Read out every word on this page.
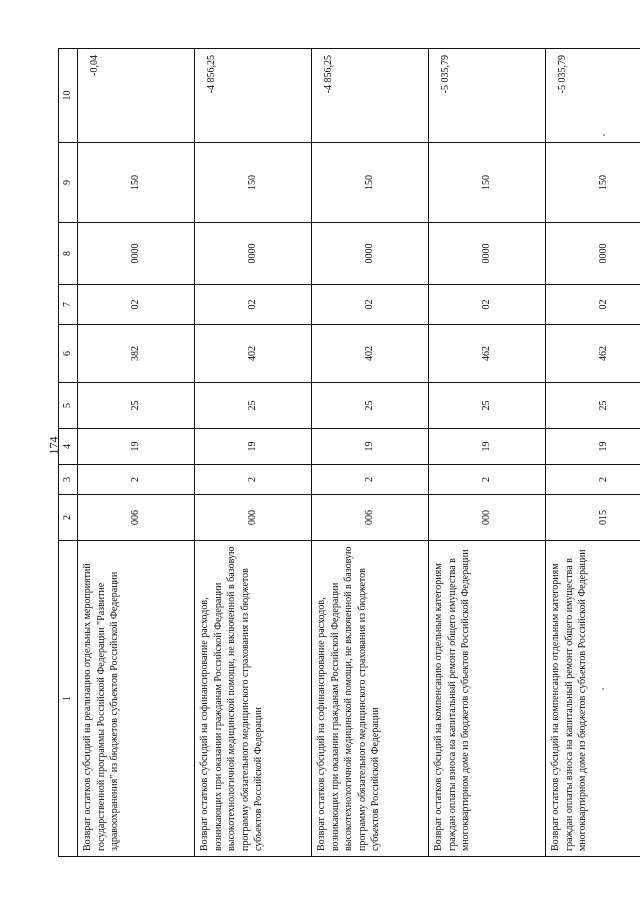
174
1	2	3	4	5	6	7	8	9	10
Возврат остатков субсидий на реализацию отдельных мероприятий государственной программы Российской Федерации "Развитие здравоохранения" из бюджетов субъектов Российской Федерации	006	2	19	25	382	02	0000	150	-0,04
Возврат остатков субсидий на софинансирование расходов, возникающих при оказании гражданам Российской Федерации высокотехнологичной медицинской помощи, не включенной в базовую программу обязательного медицинского страхования из бюджетов субъектов Российской Федерации	000	2	19	25	402	02	0000	150	-4 856,25
Возврат остатков субсидий на софинансирование расходов, возникающих при оказании гражданам Российской Федерации высокотехнологичной медицинской помощи, не включенной в базовую программу обязательного медицинского страхования из бюджетов субъектов Российской Федерации	006	2	19	25	402	02	0000	150	-4 856,25
Возврат остатков субсидий на компенсацию отдельным категориям граждан оплаты взноса на капитальный ремонт общего имущества в многоквартирном доме из бюджетов субъектов Российской Федерации	000	2	19	25	462	02	0000	150	-5 035,79
Возврат остатков субсидий на компенсацию отдельным категориям граждан оплаты взноса на капитальный ремонт общего имущества в многоквартирном доме из бюджетов субъектов Российской Федерации	015	2	19	25	462	02	0000	150	-5 035,79
